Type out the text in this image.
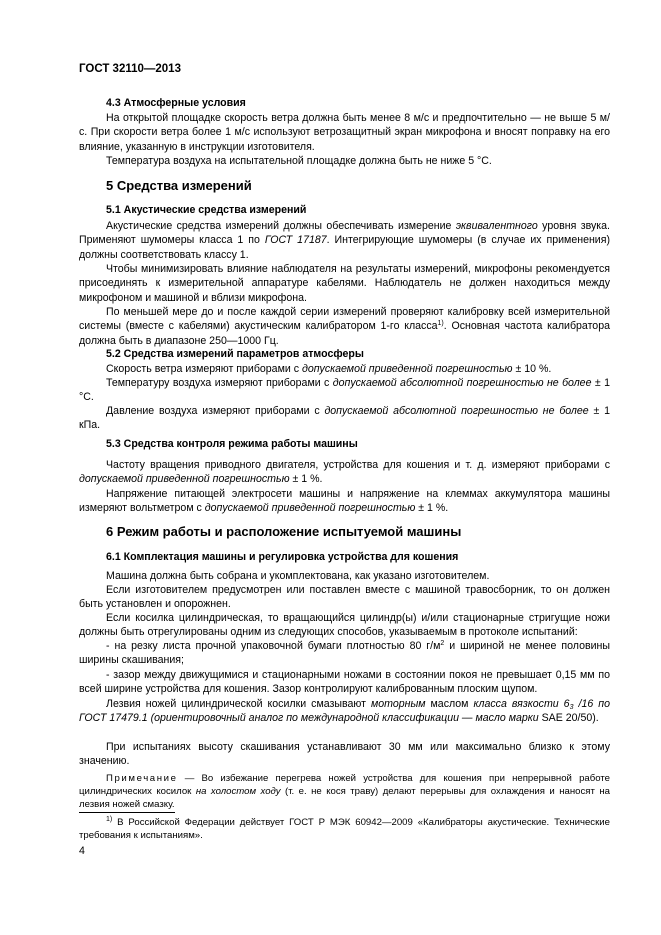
ГОСТ 32110—2013

4.3 Атмосферные условия

На открытой площадке скорость ветра должна быть менее 8 м/с и предпочтительно — не выше 5 м/с. При скорости ветра более 1 м/с используют ветрозащитный экран микрофона и вносят поправку на его влияние, указанную в инструкции изготовителя.

Температура воздуха на испытательной площадке должна быть не ниже 5 °С.

5 Средства измерений

5.1 Акустические средства измерений

Акустические средства измерений должны обеспечивать измерение эквивалентного уровня звука. Применяют шумомеры класса 1 по ГОСТ 17187. Интегрирующие шумомеры (в случае их применения) должны соответствовать классу 1.

Чтобы минимизировать влияние наблюдателя на результаты измерений, микрофоны рекомендуется присоединять к измерительной аппаратуре кабелями. Наблюдатель не должен находиться между микрофоном и машиной и вблизи микрофона.

По меньшей мере до и после каждой серии измерений проверяют калибровку всей измерительной системы (вместе с кабелями) акустическим калибратором 1-го класса$^{1)}$. Основная частота калибратора должна быть в диапазоне 250—1000 Гц.

5.2 Средства измерений параметров атмосферы

Скорость ветра измеряют приборами с допускаемой приведенной погрешностью ± 10 %.

Температуру воздуха измеряют приборами с допускаемой абсолютной погрешностью не более ± 1 °С.

Давление воздуха измеряют приборами с допускаемой абсолютной погрешностью не более ± 1 кПа.

5.3 Средства контроля режима работы машины

Частоту вращения приводного двигателя, устройства для кошения и т. д. измеряют приборами с допускаемой приведенной погрешностью ± 1 %.

Напряжение питающей электросети машины и напряжение на клеммах аккумулятора машины измеряют вольтметром с допускаемой приведенной погрешностью ± 1 %.

6 Режим работы и расположение испытуемой машины

6.1 Комплектация машины и регулировка устройства для кошения

Машина должна быть собрана и укомплектована, как указано изготовителем.

Если изготовителем предусмотрен или поставлен вместе с машиной травосборник, то он должен быть установлен и опорожнен.

Если косилка цилиндрическая, то вращающийся цилиндр(ы) и/или стационарные стригущие ножи должны быть отрегулированы одним из следующих способов, указываемым в протоколе испытаний:

- на резку листа прочной упаковочной бумаги плотностью 80 $г/м^2$ и шириной не менее половины ширины скашивания;

- зазор между движущимися и стационарными ножами в состоянии покоя не превышает 0,15 мм по всей ширине устройства для кошения. Зазор контролируют калиброванным плоским щупом.

Лезвия ножей цилиндрической косилки смазывают моторным маслом класса вязкости $6_3$ /16 по ГОСТ 17479.1 (ориентировочный аналог по международной классификации — масло марки SAE 20/50).

При испытаниях высоту скашивания устанавливают 30 мм или максимально близко к этому значению.

Примечание — Во избежание перегрева ножей устройства для кошения при непрерывной работе цилиндрических косилок на холостом ходу (т. е. не кося траву) делают перерывы для охлаждения и наносят на лезвия ножей смазку.

$^{1)}$ В Российской Федерации действует ГОСТ Р МЭК 60942—2009 «Калибраторы акустические. Технические требования к испытаниям».

4
